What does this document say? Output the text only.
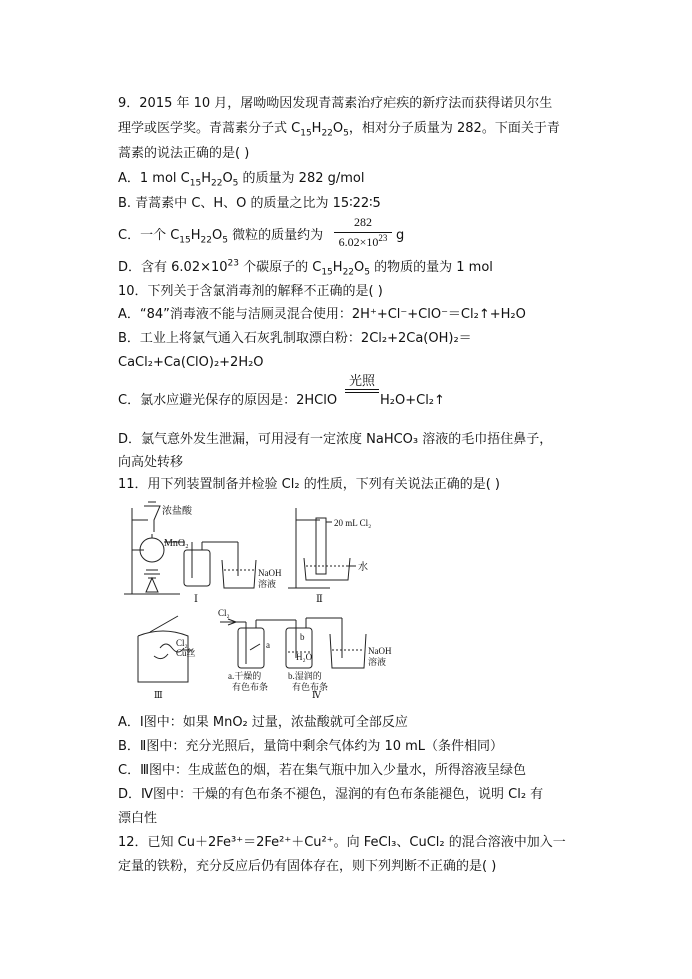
9．2015 年 10 月，屠呦呦因发现青蒿素治疗疟疾的新疗法而获得诺贝尔生
理学或医学奖。青蒿素分子式 $C_{15}H_{22}O_5$，相对分子质量为 282。下面关于青
蒿素的说法正确的是( )
A．1 mol $C_{15}H_{22}O_5$ 的质量为 282 g/mol
B. 青蒿素中 C、H、O 的质量之比为 15∶22∶5
C．一个 $C_{15}H_{22}O_5$ 微粒的质量约为
282
$6.02\times 10^{23}$ g
D．含有 $6.02\times 10^{23}$ 个碳原子的 $C_{15}H_{22}O_5$ 的物质的量为 1 mol
10．下列关于含氯消毒剂的解释不正确的是( )
A．“84”消毒液不能与洁厕灵混合使用：2H⁺+Cl⁻+ClO⁻＝Cl₂↑+H₂O
B．工业上将氯气通入石灰乳制取漂白粉：2Cl₂+2Ca(OH)₂＝
CaCl₂+Ca(ClO)₂+2H₂O
C．氯水应避光保存的原因是：2HClO
光照
H₂O+Cl₂↑
D．氯气意外发生泄漏，可用浸有一定浓度 NaHCO₃ 溶液的毛巾捂住鼻子，
向高处转移
11．用下列装置制备并检验 Cl₂ 的性质，下列有关说法正确的是( )
浓盐酸
MnO₂
NaOH
溶液
Ⅰ
20 mL Cl₂
水
Ⅱ
Cl₂
Cu丝
Ⅲ
Cl₂
a
b
H₂O
NaOH
溶液
a.干燥的
有色布条
b.湿润的
有色布条
Ⅳ
A．Ⅰ图中：如果 MnO₂ 过量，浓盐酸就可全部反应
B．Ⅱ图中：充分光照后，量筒中剩余气体约为 10 mL（条件相同）
C．Ⅲ图中：生成蓝色的烟，若在集气瓶中加入少量水，所得溶液呈绿色
D．Ⅳ图中：干燥的有色布条不褪色，湿润的有色布条能褪色，说明 Cl₂ 有
漂白性
12．已知 Cu＋2Fe³⁺＝2Fe²⁺＋Cu²⁺。向 FeCl₃、CuCl₂ 的混合溶液中加入一
定量的铁粉，充分反应后仍有固体存在，则下列判断不正确的是( )
